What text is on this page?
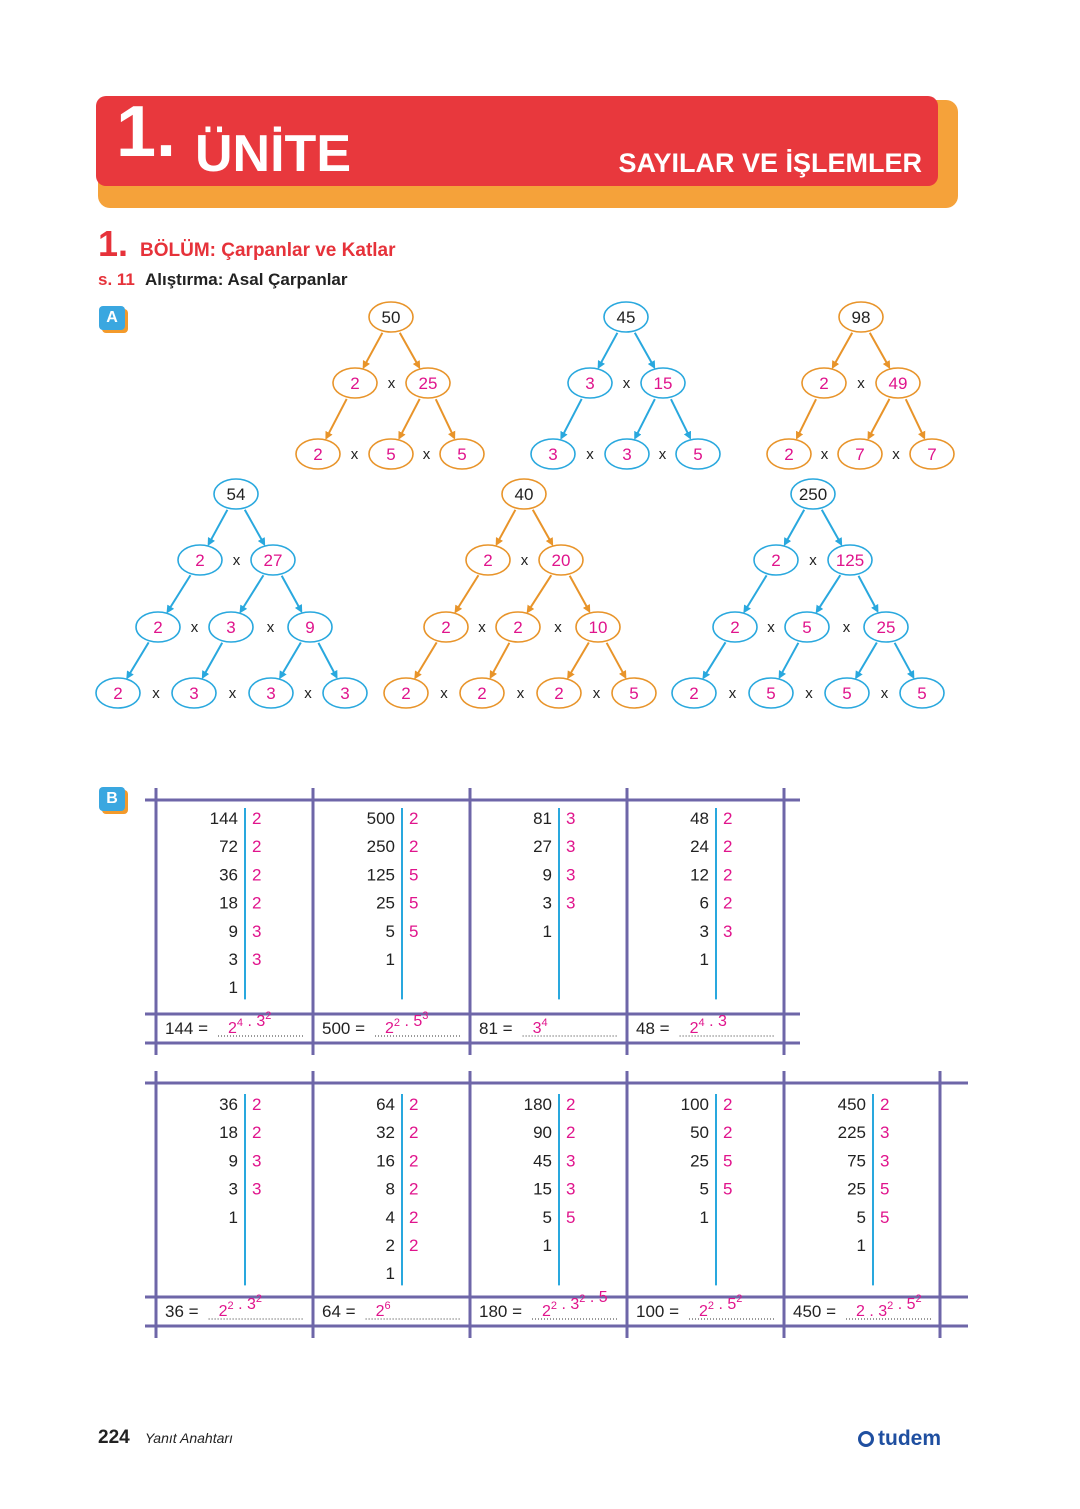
1. ÜNİTE	SAYILAR VE İŞLEMLER
1. BÖLÜM: Çarpanlar ve Katlar
s. 11 Alıştırma: Asal Çarpanlar
A
B
50
2 x 25
2 x 5 x 5
45
3 x 15
3 x 3 x 5
98
2 x 49
2 x 7 x 7
54
2 x 27
2 x 3 x 9
2 x 3 x 3 x 3
40
2 x 20
2 x 2 x 10
2 x 2 x 2 x 5
250
2 x 125
2 x 5 x 25
2 x 5 x 5 x 5
144
72
36
18
9
3
1
2
2
2
2
3
3
$144 = 2^4$ . $3^2$
500
250
125
25
5
1
2
2
5
5
5
$500 = 2^2$ . $5^3$
81
27
9
3
1
3
3
3
3
$81 = 3^4$
48
24
12
6
3
1
2
2
2
2
3
$48 = 2^4$ . 3
36
18
9
3
1
2
2
3
3
$36 = 2^2$ . $3^2$
64
32
16
8
4
2
1
2
2
2
2
2
2
$64 = 2^6$
180
90
45
15
5
1
2
2
3
3
5
$180 = 2^2$ . $3^2$ . 5
100
50
25
5
1
2
2
5
5
$100 = 2^2$ . $5^2$
450
225
75
25
5
1
2
3
3
5
5
450 = 2 . $3^2$ . $5^2$
224 Yanıt Anahtarı	tudem
